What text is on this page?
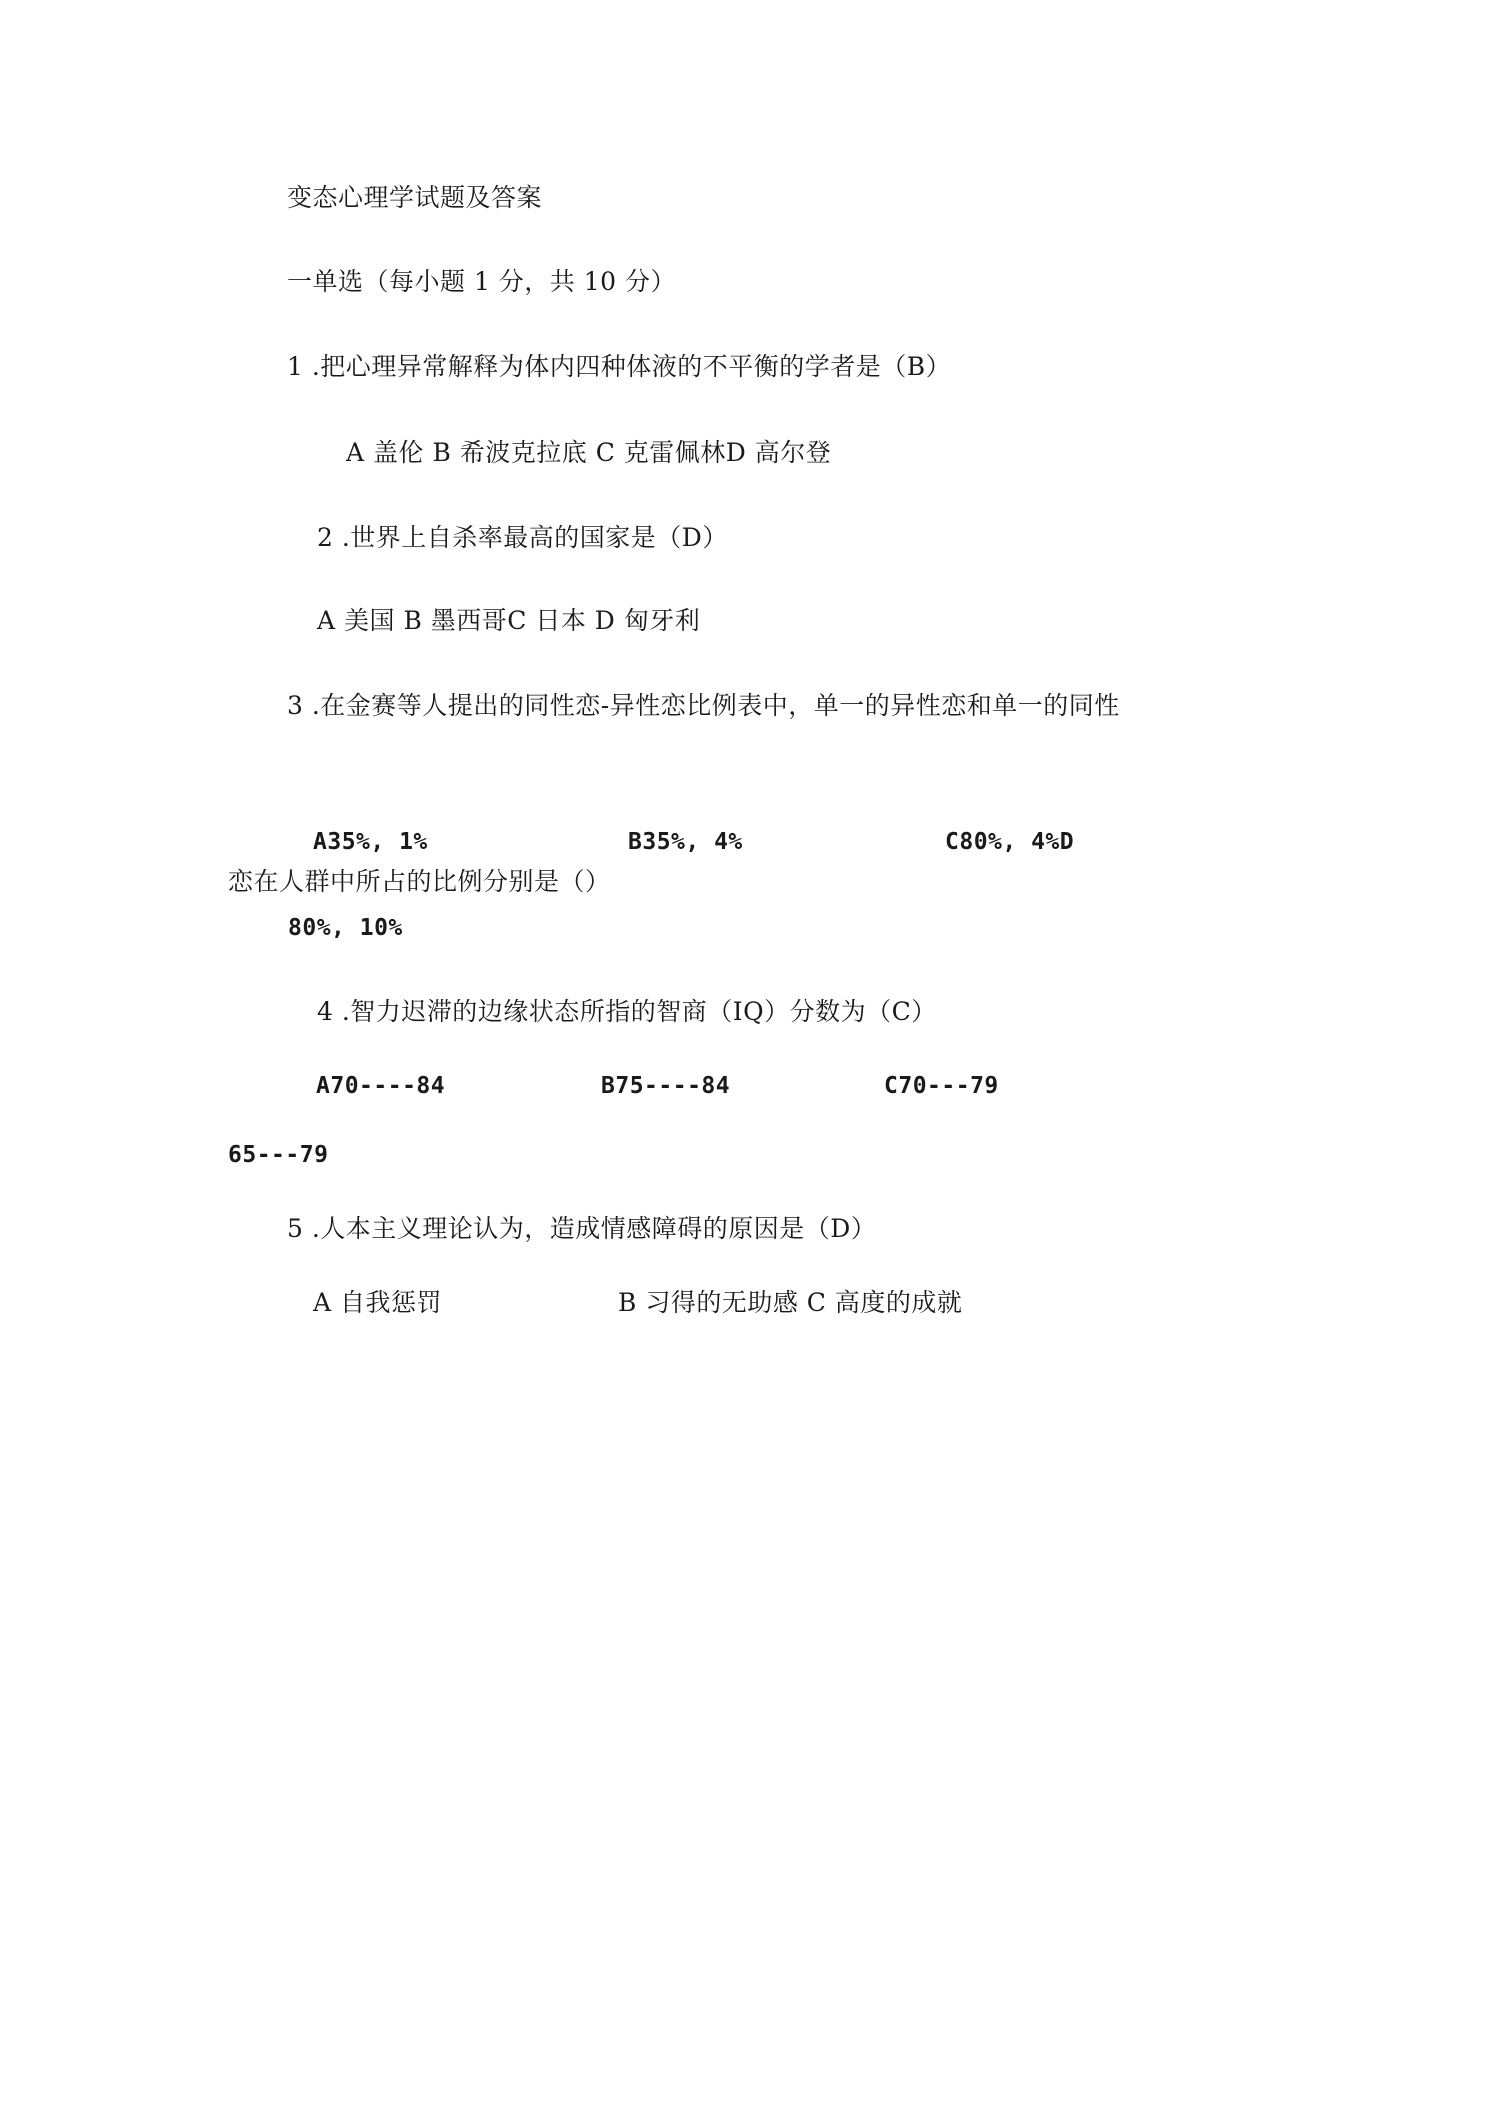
变态心理学试题及答案
一单选（每小题 1 分，共 10 分）
1 .把心理异常解释为体内四种体液的不平衡的学者是（B）
A 盖伦 B 希波克拉底 C 克雷佩林D 高尔登
2 .世界上自杀率最高的国家是（D）
A 美国 B 墨西哥C 日本 D 匈牙利
3 .在金赛等人提出的同性恋-异性恋比例表中，单一的异性恋和单一的同性
A35%, 1%	B35%, 4%	C80%, 4%D
恋在人群中所占的比例分别是（）
80%, 10%
4 .智力迟滞的边缘状态所指的智商（IQ）分数为（C）
A70----84	B75----84	C70---79
65---79
5 .人本主义理论认为，造成情感障碍的原因是（D）
A 自我惩罚	B 习得的无助感 C 高度的成就
